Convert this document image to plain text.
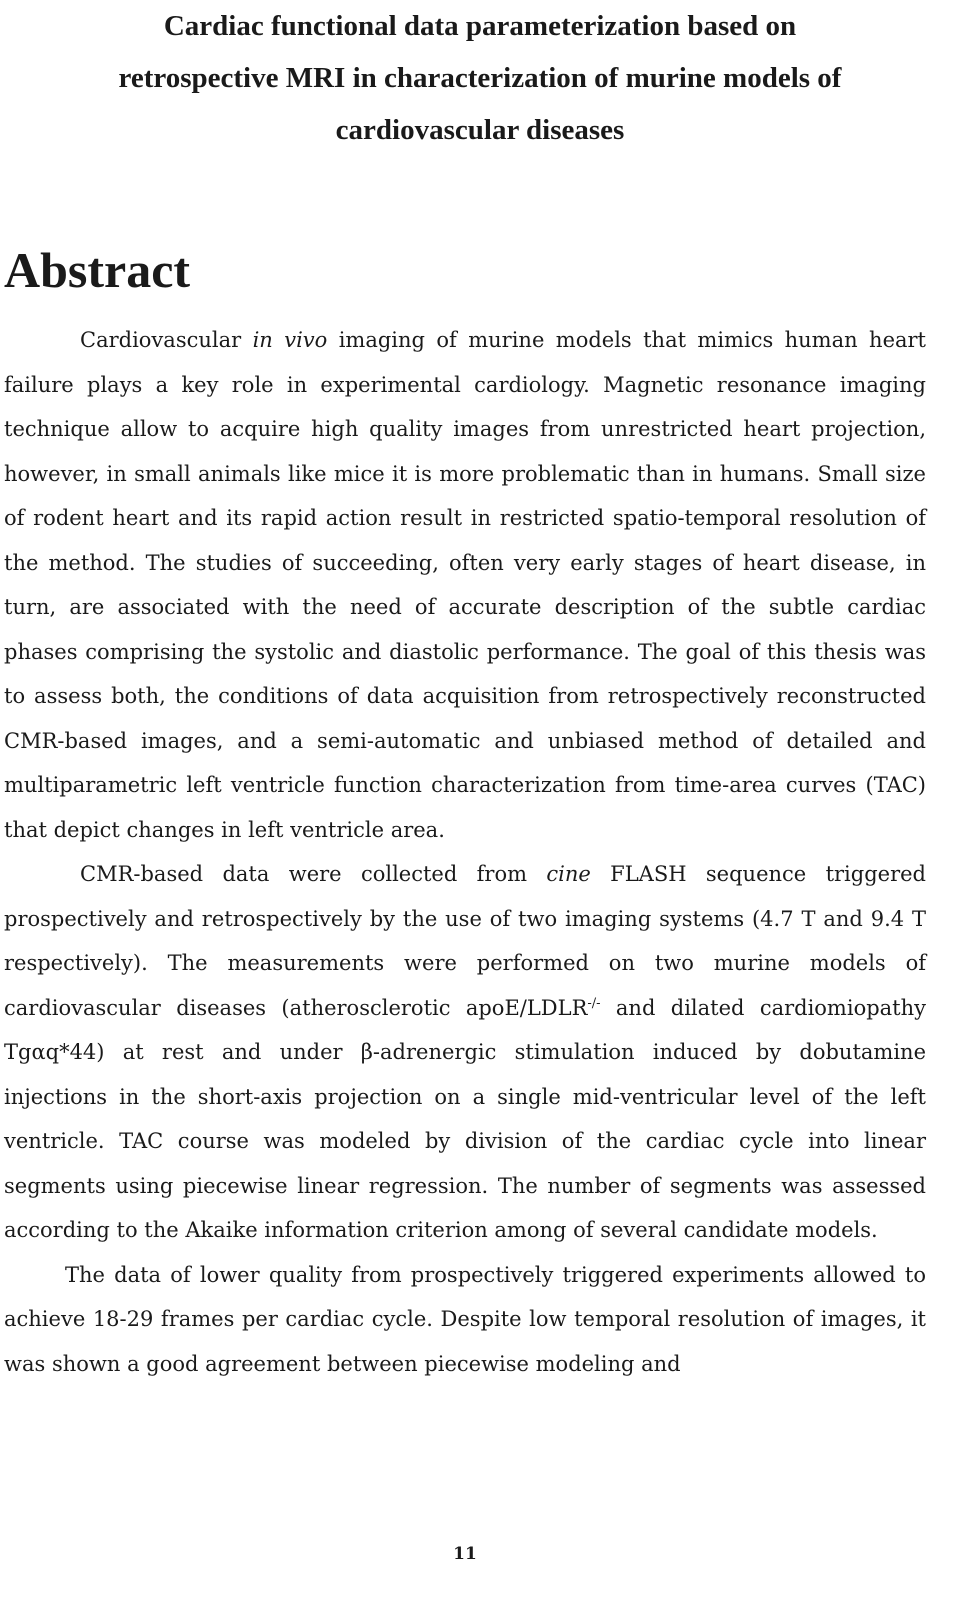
Cardiac functional data parameterization based on
retrospective MRI in characterization of murine models of
cardiovascular diseases
Abstract

Cardiovascular in vivo imaging of murine models that mimics human heart failure plays a key role in experimental cardiology. Magnetic resonance imaging technique allow to acquire high quality images from unrestricted heart projection, however, in small animals like mice it is more problematic than in humans. Small size of rodent heart and its rapid action result in restricted spatio-temporal resolution of the method. The studies of succeeding, often very early stages of heart disease, in turn, are associated with the need of accurate description of the subtle cardiac phases comprising the systolic and diastolic performance. The goal of this thesis was to assess both, the conditions of data acquisition from retrospectively reconstructed CMR-based images, and a semi-automatic and unbiased method of detailed and multiparametric left ventricle function characterization from time-area curves (TAC) that depict changes in left ventricle area.

CMR-based data were collected from cine FLASH sequence triggered prospectively and retrospectively by the use of two imaging systems (4.7 T and 9.4 T respectively). The measurements were performed on two murine models of cardiovascular diseases (atherosclerotic apoE/LDLR-/- and dilated cardiomiopathy Tgαq*44) at rest and under β-adrenergic stimulation induced by dobutamine injections in the short-axis projection on a single mid-ventricular level of the left ventricle. TAC course was modeled by division of the cardiac cycle into linear segments using piecewise linear regression. The number of segments was assessed according to the Akaike information criterion among of several candidate models.

The data of lower quality from prospectively triggered experiments allowed to achieve 18-29 frames per cardiac cycle. Despite low temporal resolution of images, it was shown a good agreement between piecewise modeling and

11
